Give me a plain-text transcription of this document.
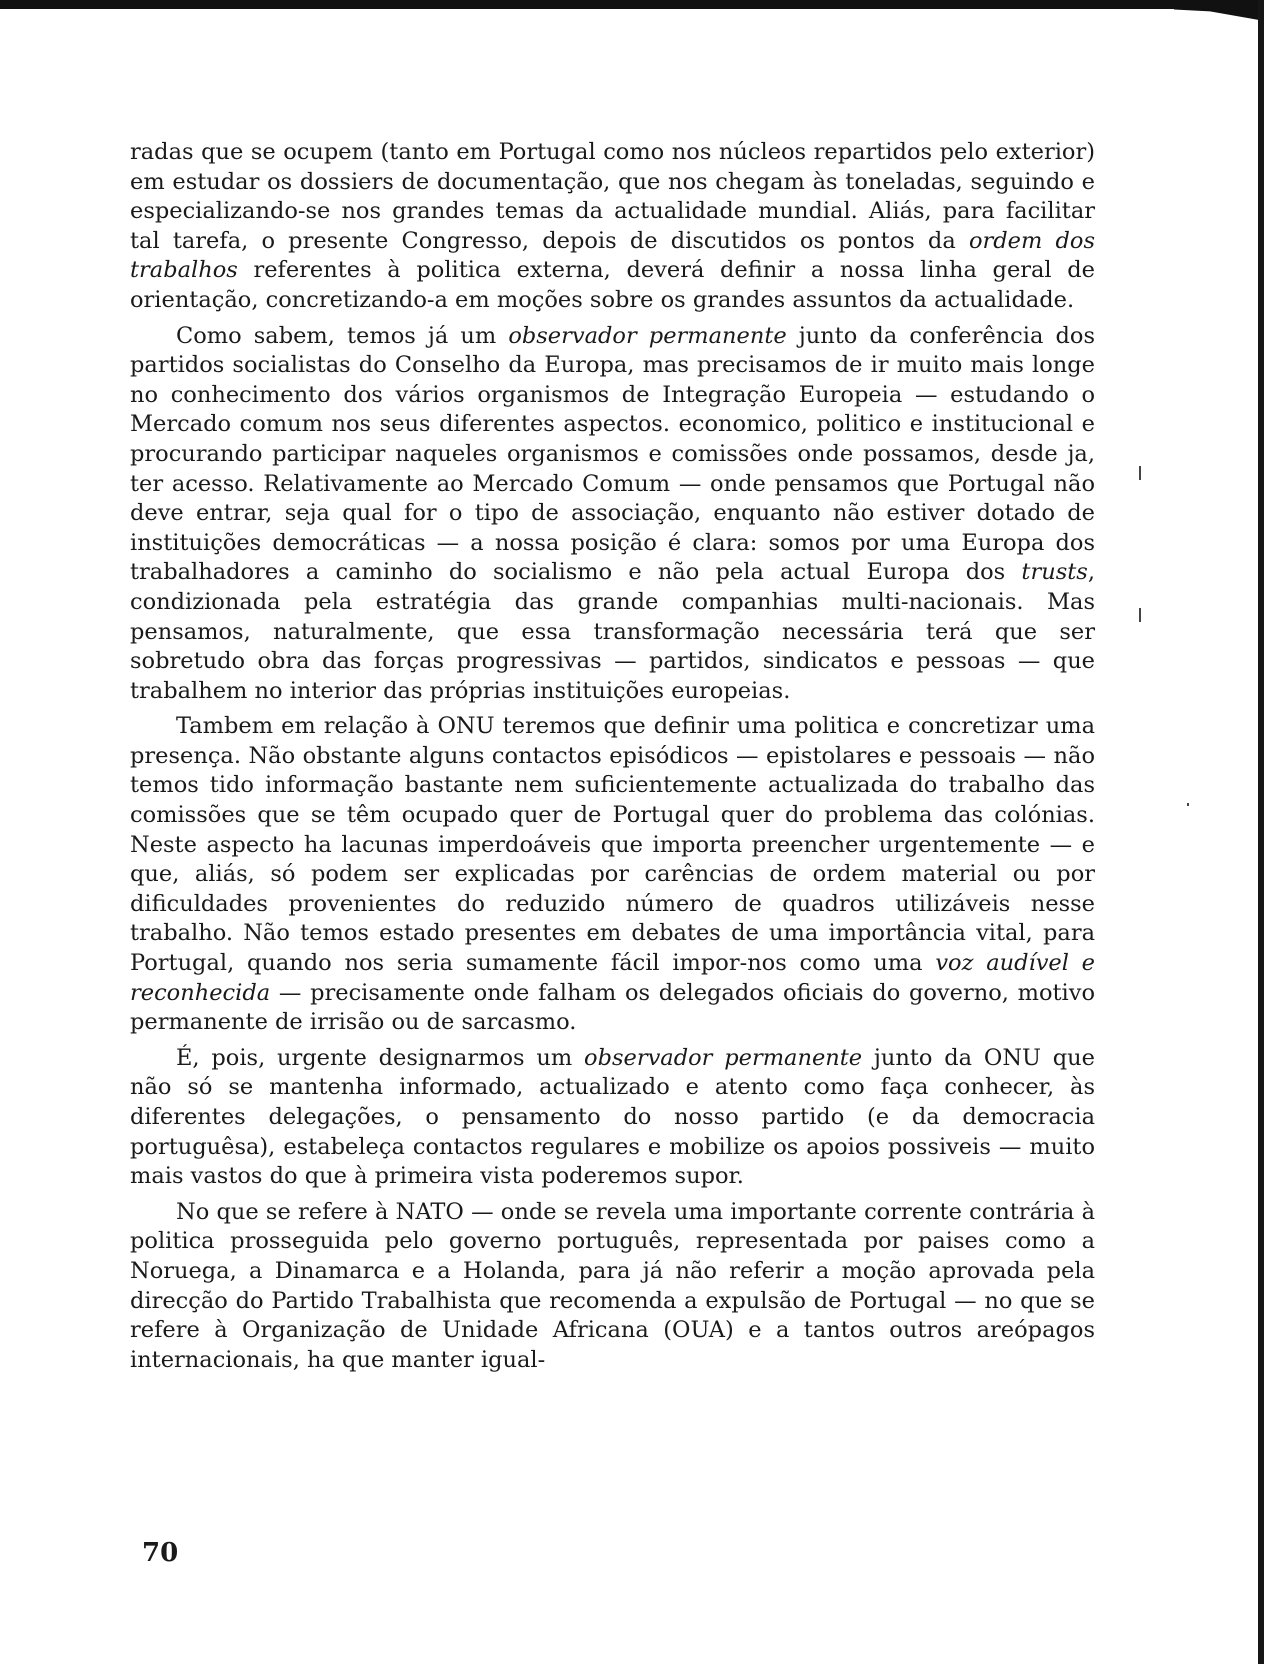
radas que se ocupem (tanto em Portugal como nos núcleos repartidos pelo exterior) em estudar os dossiers de documentação, que nos chegam às toneladas, seguindo e especializando-se nos grandes temas da actualidade mundial. Aliás, para facilitar tal tarefa, o presente Congresso, depois de discutidos os pontos da ordem dos trabalhos referentes à politica externa, deverá definir a nossa linha geral de orientação, concretizando-a em moções sobre os grandes assuntos da actualidade.

Como sabem, temos já um observador permanente junto da conferência dos partidos socialistas do Conselho da Europa, mas precisamos de ir muito mais longe no conhecimento dos vários organismos de Integração Europeia — estudando o Mercado comum nos seus diferentes aspectos. economico, politico e institucional e procurando participar naqueles organismos e comissões onde possamos, desde ja, ter acesso. Relativamente ao Mercado Comum — onde pensamos que Portugal não deve entrar, seja qual for o tipo de associação, enquanto não estiver dotado de instituições democráticas — a nossa posição é clara: somos por uma Europa dos trabalhadores a caminho do socialismo e não pela actual Europa dos trusts, condizionada pela estratégia das grande companhias multi-nacionais. Mas pensamos, naturalmente, que essa transformação necessária terá que ser sobretudo obra das forças progressivas — partidos, sindicatos e pessoas — que trabalhem no interior das próprias instituições europeias.

Tambem em relação à ONU teremos que definir uma politica e concretizar uma presença. Não obstante alguns contactos episódicos — epistolares e pessoais — não temos tido informação bastante nem suficientemente actualizada do trabalho das comissões que se têm ocupado quer de Portugal quer do problema das colónias. Neste aspecto ha lacunas imperdoáveis que importa preencher urgentemente — e que, aliás, só podem ser explicadas por carências de ordem material ou por dificuldades provenientes do reduzido número de quadros utilizáveis nesse trabalho. Não temos estado presentes em debates de uma importância vital, para Portugal, quando nos seria sumamente fácil impor-nos como uma voz audível e reconhecida — precisamente onde falham os delegados oficiais do governo, motivo permanente de irrisão ou de sarcasmo.

É, pois, urgente designarmos um observador permanente junto da ONU que não só se mantenha informado, actualizado e atento como faça conhecer, às diferentes delegações, o pensamento do nosso partido (e da democracia portuguêsa), estabeleça contactos regulares e mobilize os apoios possiveis — muito mais vastos do que à primeira vista poderemos supor.

No que se refere à NATO — onde se revela uma importante corrente contrária à politica prosseguida pelo governo português, representada por paises como a Noruega, a Dinamarca e a Holanda, para já não referir a moção aprovada pela direcção do Partido Trabalhista que recomenda a expulsão de Portugal — no que se refere à Organização de Unidade Africana (OUA) e a tantos outros areópagos internacionais, ha que manter igual-

70
